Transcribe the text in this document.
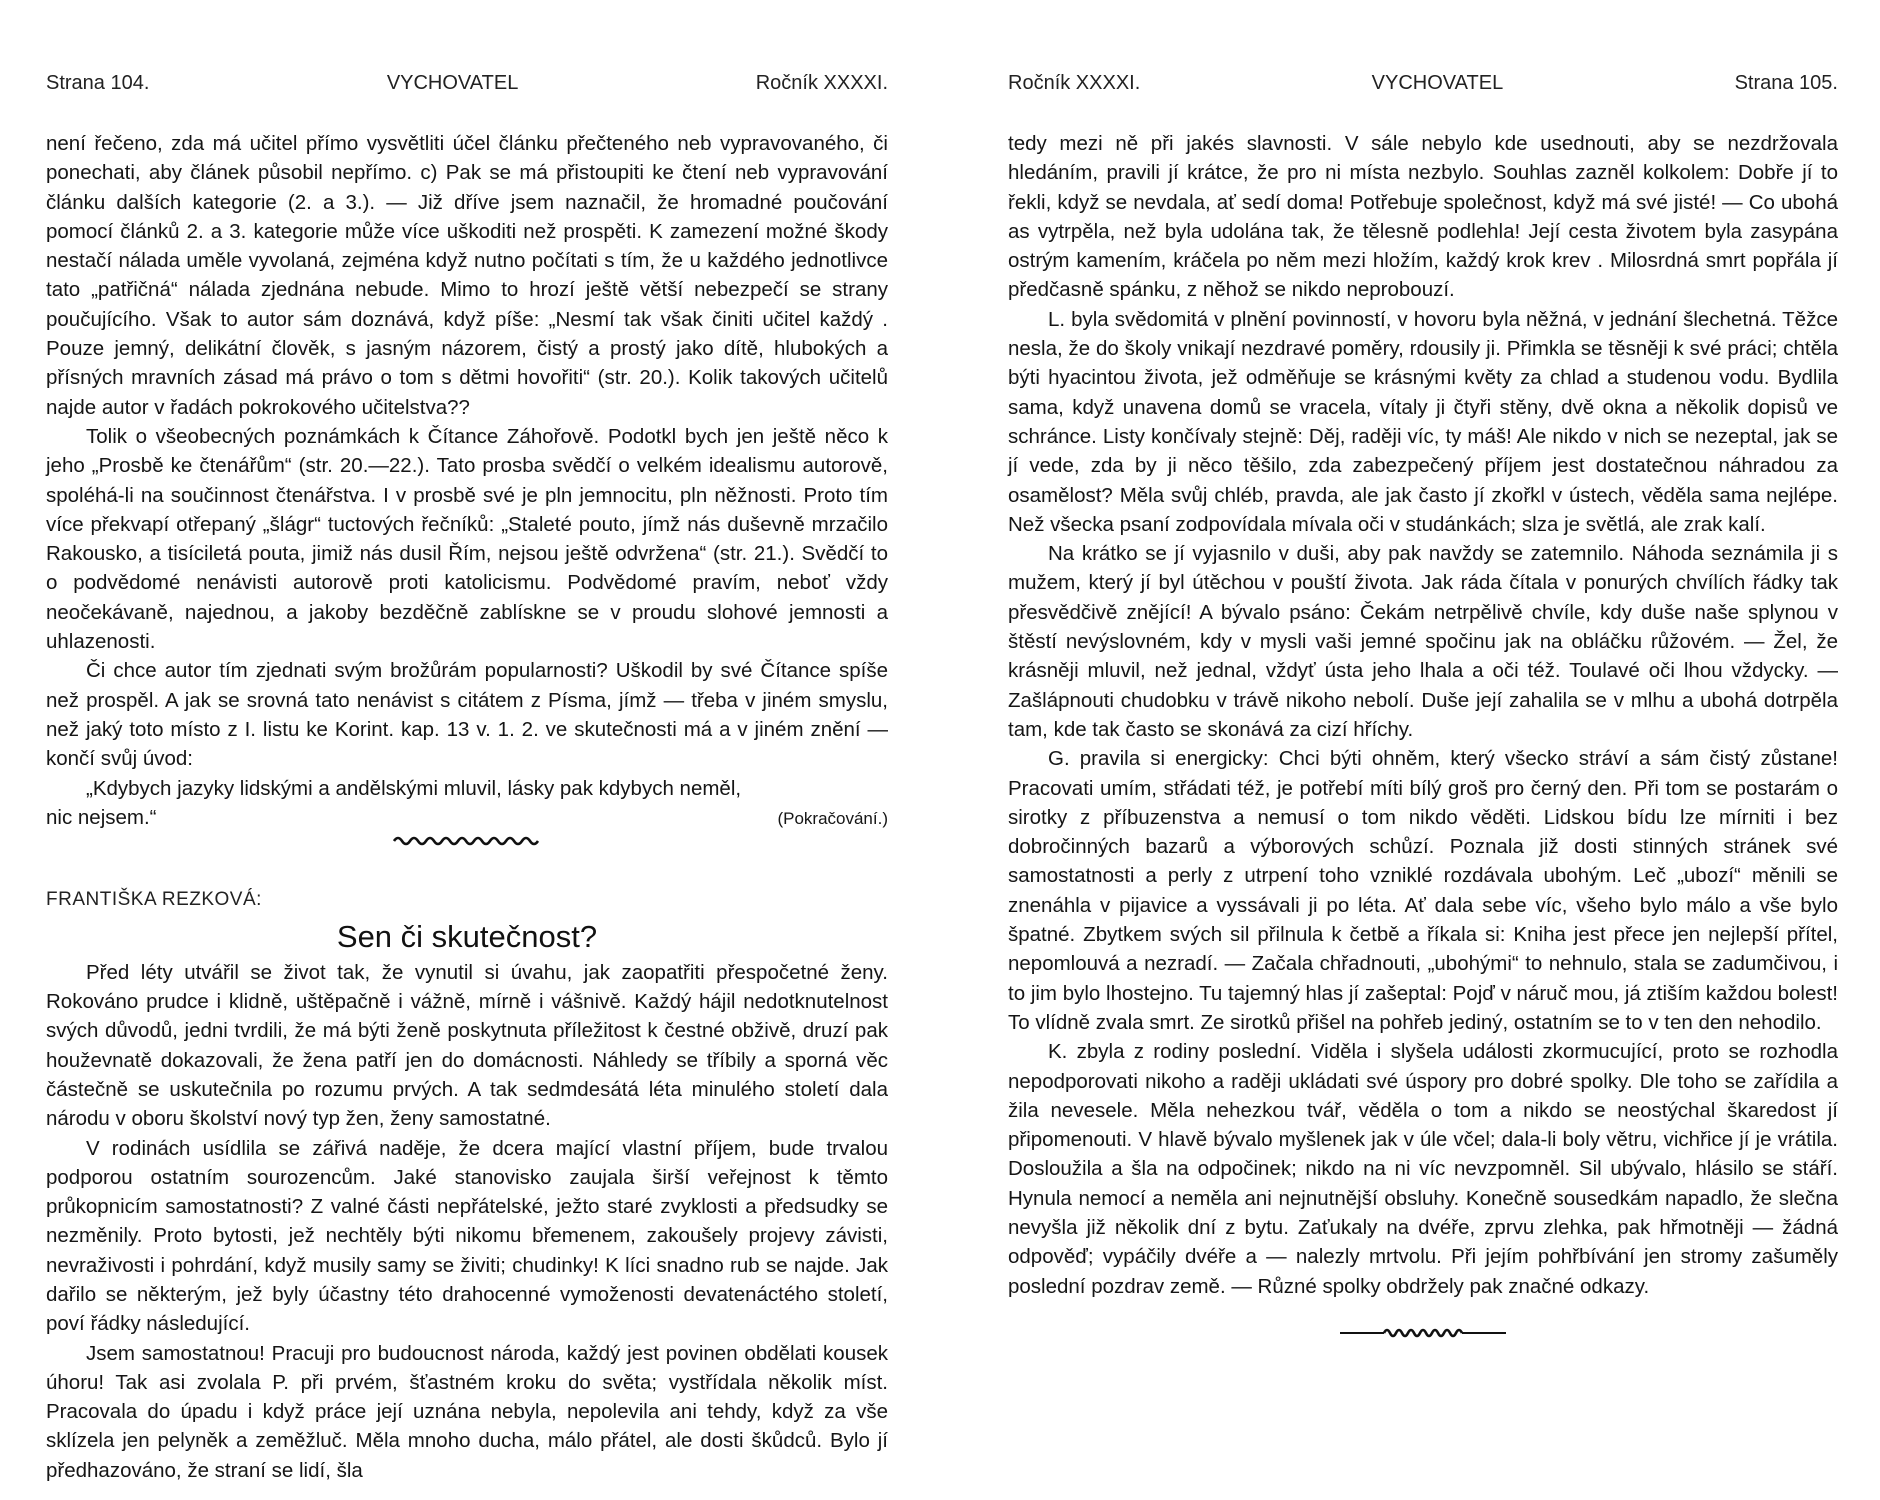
Strana 104.	VYCHOVATEL	Ročník XXXXI.

není řečeno, zda má učitel přímo vysvětliti účel článku přečteného neb vypravovaného, či ponechati, aby článek působil nepřímo. c) Pak se má přistoupiti ke čtení neb vypravování článku dalších kategorie (2. a 3.). — Již dříve jsem naznačil, že hromadné poučování pomocí článků 2. a 3. kategorie může více uškoditi než prospěti. K zamezení možné škody nestačí nálada uměle vyvolaná, zejména když nutno počítati s tím, že u každého jednotlivce tato „patřičná“ nálada zjednána nebude. Mimo to hrozí ještě větší nebezpečí se strany poučujícího. Však to autor sám doznává, když píše: „Nesmí tak však činiti učitel každý . Pouze jemný, delikátní člověk, s jasným názorem, čistý a prostý jako dítě, hlubokých a přísných mravních zásad má právo o tom s dětmi hovořiti“ (str. 20.). Kolik takových učitelů najde autor v řadách pokrokového učitelstva??

Tolik o všeobecných poznámkách k Čítance Záhořově. Podotkl bych jen ještě něco k jeho „Prosbě ke čtenářům“ (str. 20.—22.). Tato prosba svědčí o velkém idealismu autorově, spoléhá-li na součinnost čtenářstva. I v prosbě své je pln jemnocitu, pln něžnosti. Proto tím více překvapí otřepaný „šlágr“ tuctových řečníků: „Staleté pouto, jímž nás duševně mrzačilo Rakousko, a tisíciletá pouta, jimiž nás dusil Řím, nejsou ještě odvržena“ (str. 21.). Svědčí to o podvědomé nenávisti autorově proti katolicismu. Podvědomé pravím, neboť vždy neočekávaně, najednou, a jakoby bezděčně zablískne se v proudu slohové jemnosti a uhlazenosti.

Či chce autor tím zjednati svým brožůrám popularnosti? Uškodil by své Čítance spíše než prospěl. A jak se srovná tato nenávist s citátem z Písma, jímž — třeba v jiném smyslu, než jaký toto místo z I. listu ke Korint. kap. 13 v. 1. 2. ve skutečnosti má a v jiném znění — končí svůj úvod:

„Kdybych jazyky lidskými a andělskými mluvil, lásky pak kdybych neměl,

nic nejsem.“	(Pokračování.)
FRANTIŠKA REZKOVÁ:
Sen či skutečnost?

Před léty utvářil se život tak, že vynutil si úvahu, jak zaopatřiti přespočetné ženy. Rokováno prudce i klidně, uštěpačně i vážně, mírně i vášnivě. Každý hájil nedotknutelnost svých důvodů, jedni tvrdili, že má býti ženě poskytnuta příležitost k čestné obživě, druzí pak houževnatě dokazovali, že žena patří jen do domácnosti. Náhledy se tříbily a sporná věc částečně se uskutečnila po rozumu prvých. A tak sedmdesátá léta minulého století dala národu v oboru školství nový typ žen, ženy samostatné.

V rodinách usídlila se zářivá naděje, že dcera mající vlastní příjem, bude trvalou podporou ostatním sourozencům. Jaké stanovisko zaujala širší veřejnost k těmto průkopnicím samostatnosti? Z valné části nepřátelské, ježto staré zvyklosti a předsudky se nezměnily. Proto bytosti, jež nechtěly býti nikomu břemenem, zakoušely projevy závisti, nevraživosti i pohrdání, když musily samy se živiti; chudinky! K líci snadno rub se najde. Jak dařilo se některým, jež byly účastny této drahocenné vymoženosti devatenáctého století, poví řádky následující.

Jsem samostatnou! Pracuji pro budoucnost národa, každý jest povinen obdělati kousek úhoru! Tak asi zvolala P. při prvém, šťastném kroku do světa; vystřídala několik míst. Pracovala do úpadu i když práce její uznána nebyla, nepolevila ani tehdy, když za vše sklízela jen pelyněk a zeměžluč. Měla mnoho ducha, málo přátel, ale dosti škůdců. Bylo jí předhazováno, že straní se lidí, šla

Ročník XXXXI.	VYCHOVATEL	Strana 105.

tedy mezi ně při jakés slavnosti. V sále nebylo kde usednouti, aby se nezdržovala hledáním, pravili jí krátce, že pro ni místa nezbylo. Souhlas zazněl kolkolem: Dobře jí to řekli, když se nevdala, ať sedí doma! Potřebuje společnost, když má své jisté! — Co ubohá as vytrpěla, než byla udolána tak, že tělesně podlehla! Její cesta životem byla zasypána ostrým kamením, kráčela po něm mezi hložím, každý krok krev . Milosrdná smrt popřála jí předčasně spánku, z něhož se nikdo neprobouzí.

L. byla svědomitá v plnění povinností, v hovoru byla něžná, v jednání šlechetná. Těžce nesla, že do školy vnikají nezdravé poměry, rdousily ji. Přimkla se těsněji k své práci; chtěla býti hyacintou života, jež odměňuje se krásnými květy za chlad a studenou vodu. Bydlila sama, když unavena domů se vracela, vítaly ji čtyři stěny, dvě okna a několik dopisů ve schránce. Listy končívaly stejně: Děj, raději víc, ty máš! Ale nikdo v nich se nezeptal, jak se jí vede, zda by ji něco těšilo, zda zabezpečený příjem jest dostatečnou náhradou za osamělost? Měla svůj chléb, pravda, ale jak často jí zkořkl v ústech, věděla sama nejlépe. Než všecka psaní zodpovídala mívala oči v studánkách; slza je světlá, ale zrak kalí.

Na krátko se jí vyjasnilo v duši, aby pak navždy se zatemnilo. Náhoda seznámila ji s mužem, který jí byl útěchou v pouští života. Jak ráda čítala v ponurých chvílích řádky tak přesvědčivě znějící! A bývalo psáno: Čekám netrpělivě chvíle, kdy duše naše splynou v štěstí nevýslovném, kdy v mysli vaši jemné spočinu jak na obláčku růžovém. — Žel, že krásněji mluvil, než jednal, vždyť ústa jeho lhala a oči též. Toulavé oči lhou vždycky. — Zašlápnouti chudobku v trávě nikoho nebolí. Duše její zahalila se v mlhu a ubohá dotrpěla tam, kde tak často se skonává za cizí hříchy.

G. pravila si energicky: Chci býti ohněm, který všecko stráví a sám čistý zůstane! Pracovati umím, střádati též, je potřebí míti bílý groš pro černý den. Při tom se postarám o sirotky z příbuzenstva a nemusí o tom nikdo věděti. Lidskou bídu lze mírniti i bez dobročinných bazarů a výborových schůzí. Poznala již dosti stinných stránek své samostatnosti a perly z utrpení toho vzniklé rozdávala ubohým. Leč „ubozí“ měnili se znenáhla v pijavice a vyssávali ji po léta. Ať dala sebe víc, všeho bylo málo a vše bylo špatné. Zbytkem svých sil přilnula k četbě a říkala si: Kniha jest přece jen nejlepší přítel, nepomlouvá a nezradí. — Začala chřadnouti, „ubohými“ to nehnulo, stala se zadumčivou, i to jim bylo lhostejno. Tu tajemný hlas jí zašeptal: Pojď v náruč mou, já ztiším každou bolest! To vlídně zvala smrt. Ze sirotků přišel na pohřeb jediný, ostatním se to v ten den nehodilo.

K. zbyla z rodiny poslední. Viděla i slyšela události zkormucující, proto se rozhodla nepodporovati nikoho a raději ukládati své úspory pro dobré spolky. Dle toho se zařídila a žila nevesele. Měla nehezkou tvář, věděla o tom a nikdo se neostýchal škaredost jí připomenouti. V hlavě bývalo myšlenek jak v úle včel; dala-li boly větru, vichřice jí je vrátila. Dosloužila a šla na odpočinek; nikdo na ni víc nevzpomněl. Sil ubývalo, hlásilo se stáří. Hynula nemocí a neměla ani nejnutnější obsluhy. Konečně sousedkám napadlo, že slečna nevyšla již několik dní z bytu. Zaťukaly na dvéře, zprvu zlehka, pak hřmotněji — žádná odpověď; vypáčily dvéře a — nalezly mrtvolu. Při jejím pohřbívání jen stromy zašuměly poslední pozdrav země. — Různé spolky obdržely pak značné odkazy.
